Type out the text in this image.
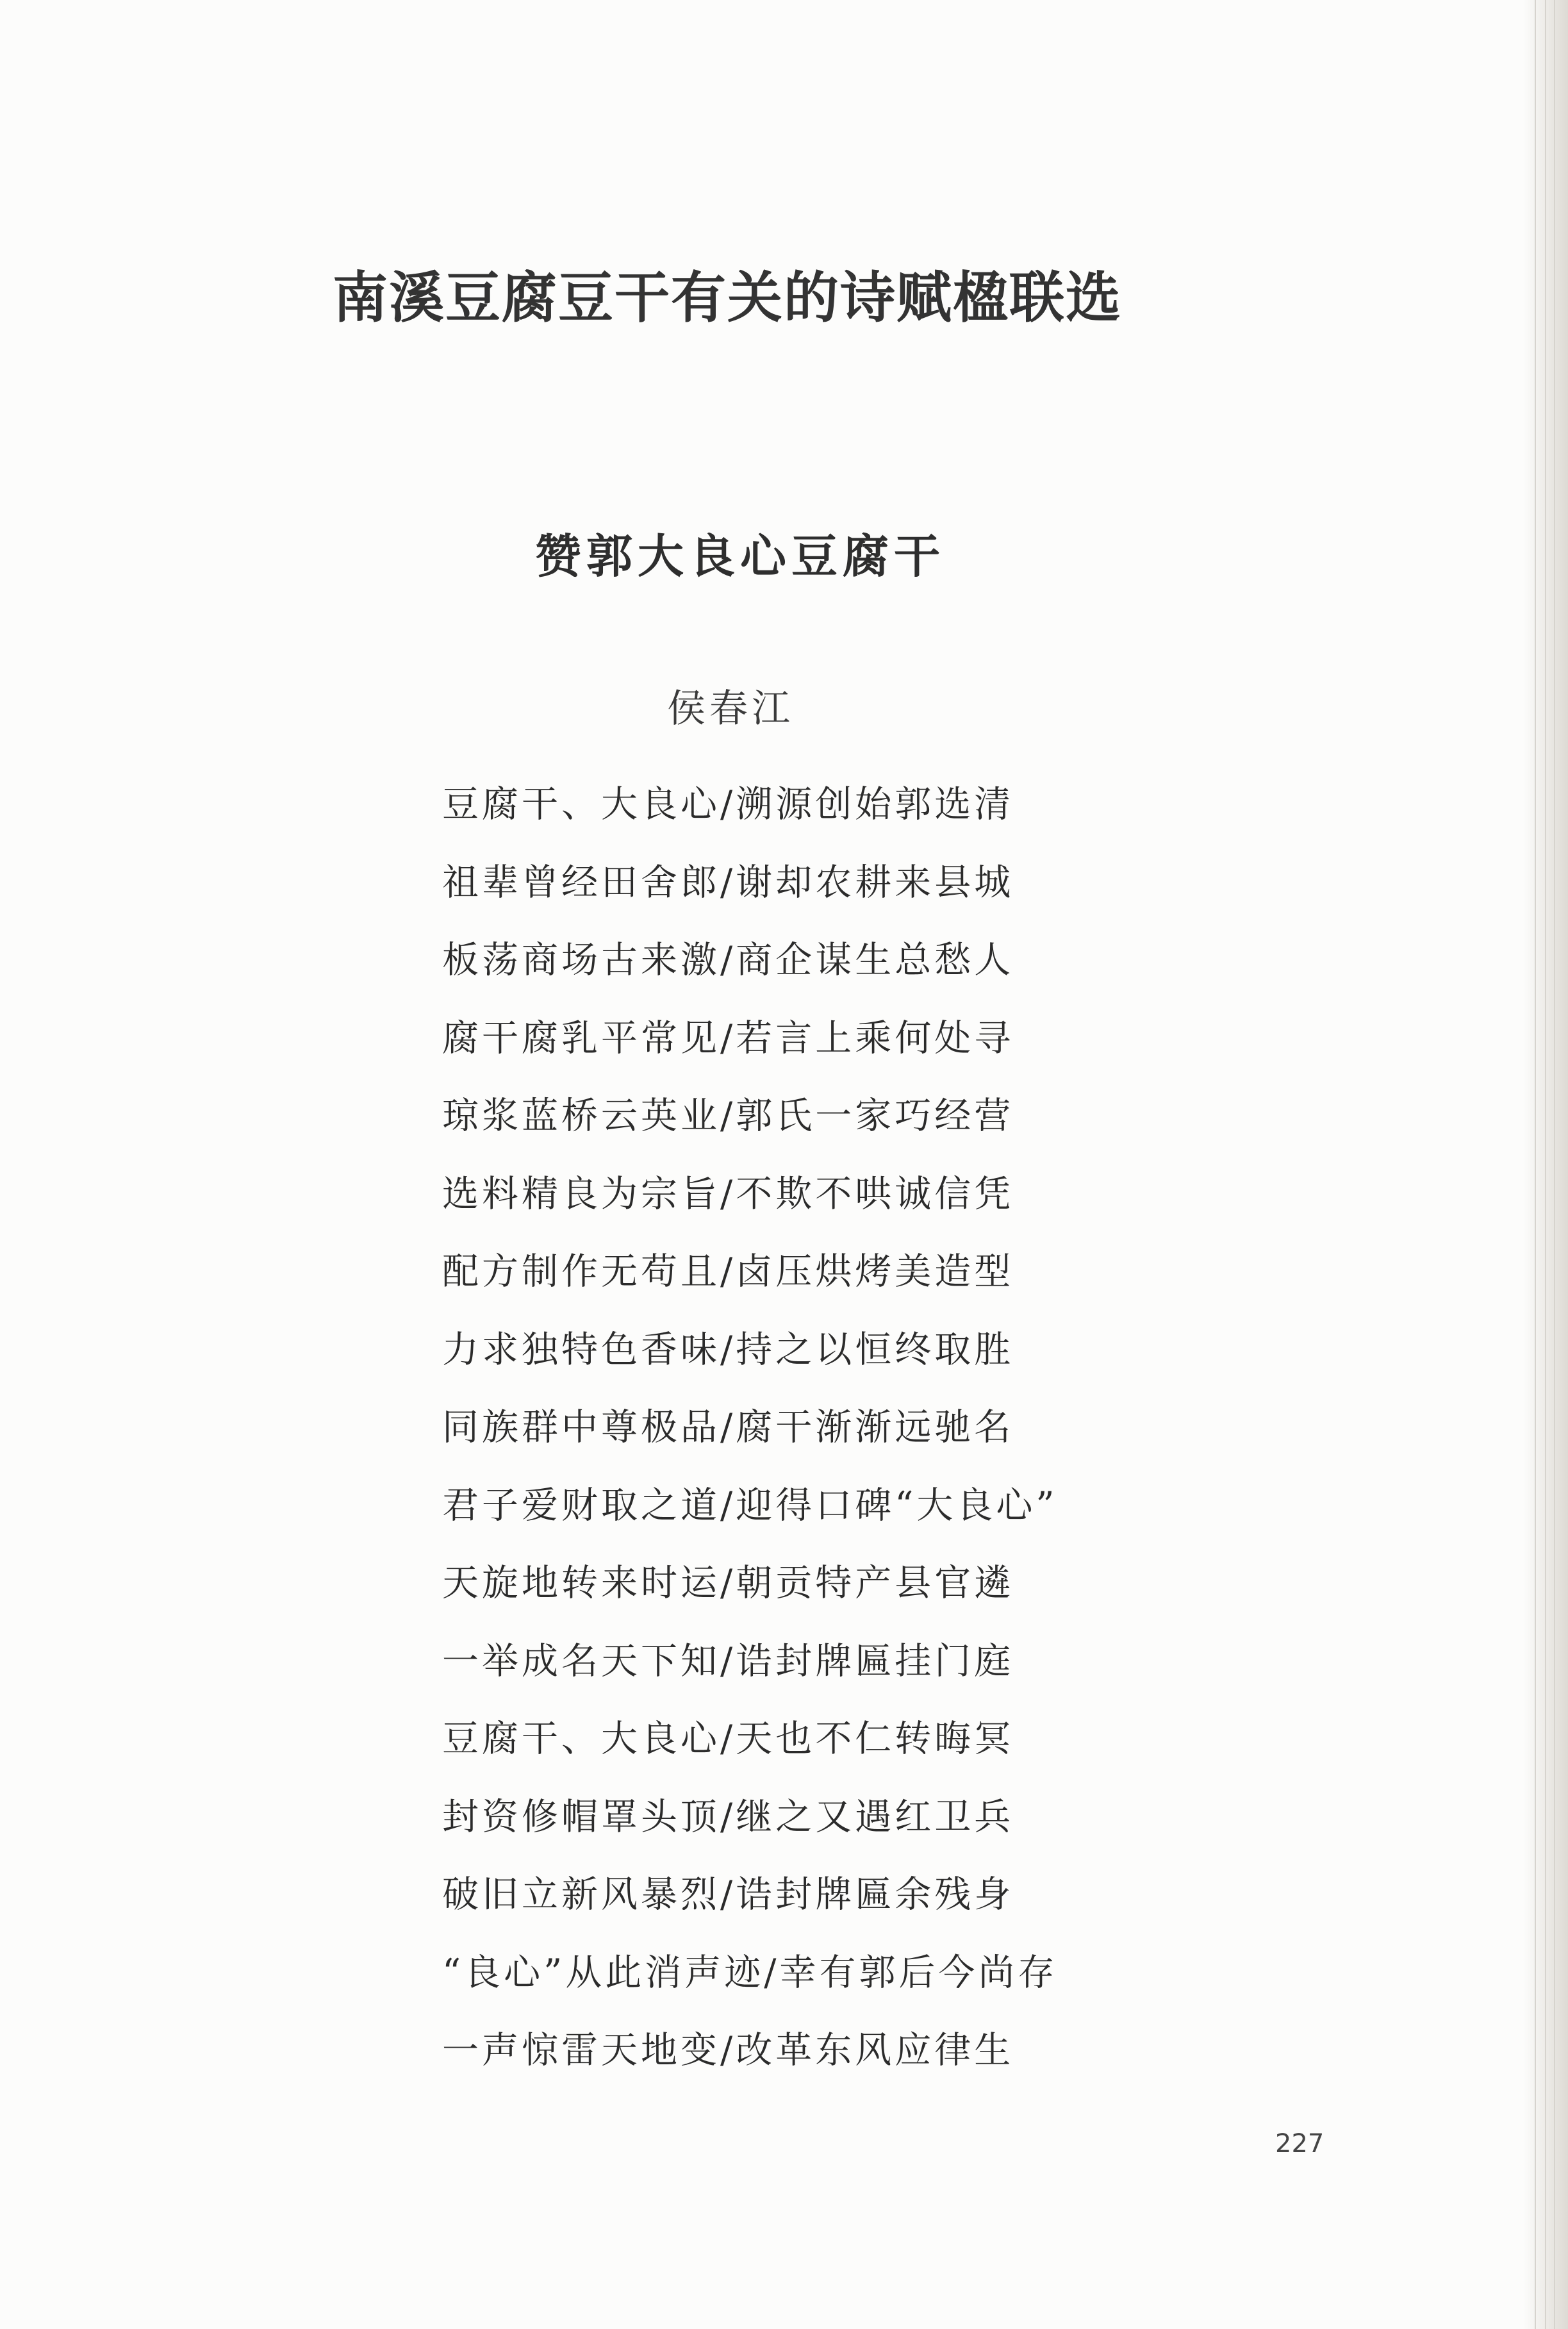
南溪豆腐豆干有关的诗赋楹联选
赞郭大良心豆腐干
侯春江
豆腐干、大良心/溯源创始郭选清
祖辈曾经田舍郎/谢却农耕来县城
板荡商场古来激/商企谋生总愁人
腐干腐乳平常见/若言上乘何处寻
琼浆蓝桥云英业/郭氏一家巧经营
选料精良为宗旨/不欺不哄诚信凭
配方制作无苟且/卤压烘烤美造型
力求独特色香味/持之以恒终取胜
同族群中尊极品/腐干渐渐远驰名
君子爱财取之道/迎得口碑“大良心”
天旋地转来时运/朝贡特产县官遴
一举成名天下知/诰封牌匾挂门庭
豆腐干、大良心/天也不仁转晦冥
封资修帽罩头顶/继之又遇红卫兵
破旧立新风暴烈/诰封牌匾余残身
“良心”从此消声迹/幸有郭后今尚存
一声惊雷天地变/改革东风应律生
227
